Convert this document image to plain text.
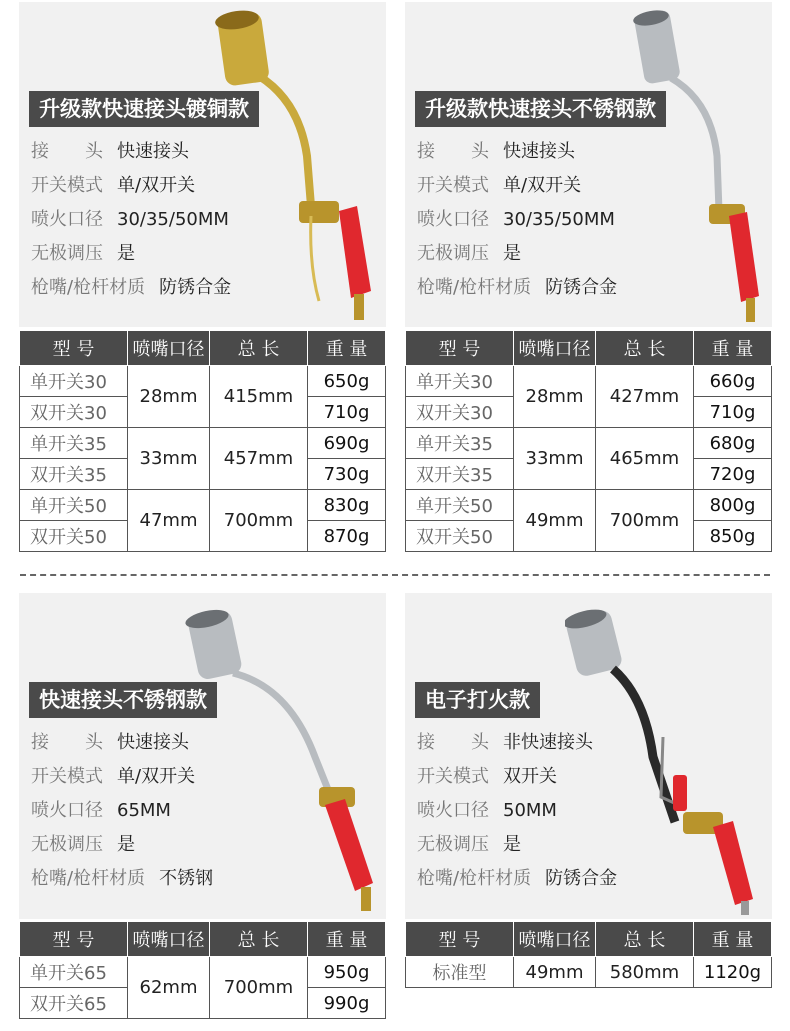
升级款快速接头镀铜款
接　　头 快速接头
开关模式 单/双开关
喷火口径 30/35/50MM
无极调压 是
枪嘴/枪杆材质 防锈合金
型 号	喷嘴口径	总 长	重 量
单开关30	28mm	415mm	650g
双开关30			710g
单开关35	33mm	457mm	690g
双开关35			730g
单开关50	47mm	700mm	830g
双开关50			870g
升级款快速接头不锈钢款
接　　头 快速接头
开关模式 单/双开关
喷火口径 30/35/50MM
无极调压 是
枪嘴/枪杆材质 防锈合金
型 号	喷嘴口径	总 长	重 量
单开关30	28mm	427mm	660g
双开关30			710g
单开关35	33mm	465mm	680g
双开关35			720g
单开关50	49mm	700mm	800g
双开关50			850g
快速接头不锈钢款
接　　头 快速接头
开关模式 单/双开关
喷火口径 65MM
无极调压 是
枪嘴/枪杆材质 不锈钢
型 号	喷嘴口径	总 长	重 量
单开关65	62mm	700mm	950g
双开关65			990g
电子打火款
接　　头 非快速接头
开关模式 双开关
喷火口径 50MM
无极调压 是
枪嘴/枪杆材质 防锈合金
型 号	喷嘴口径	总 长	重 量
标准型	49mm	580mm	1120g
